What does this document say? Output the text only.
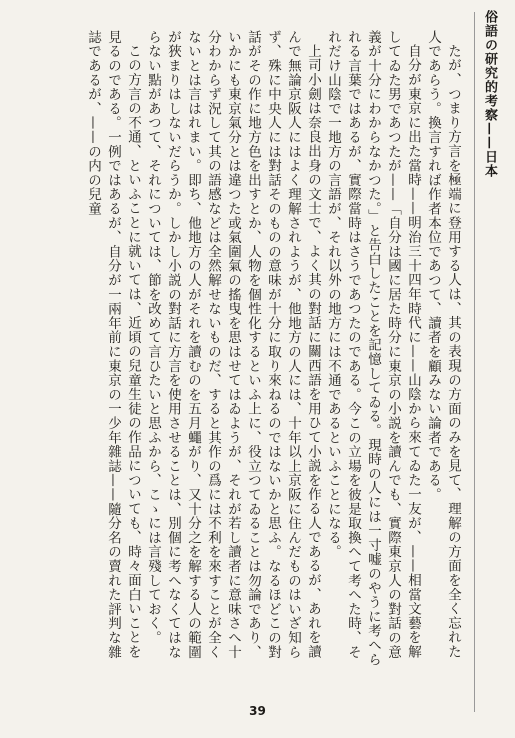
俗語の研究的考察——日本

たが、つまり方言を極端に登用する人は、其の表現の方面のみを見て、理解の方面を全く忘れた人であらう。換言すれば作者本位であつて、讀者を顧みない論者である。

自分が東京に出た當時——明治三十四年時代に——山陰から來てゐた一友が、——相當文藝を解してゐた男であつたが——「自分は國に居た時分に東京の小説を讀んでも、實際東京人の對話の意義が十分にわからなかつた。」と告白したことを記憶してゐる。現時の人には一寸嘘のやうに考へられる言葉ではあるが、實際當時はさうであつたのである。今この立場を彼是取換へて考へた時、それだけ山陰で一地方の言語が、それ以外の地方には不通であるといふことになる。

上司小劍は奈良出身の文士で、よく其の對話に關西語を用ひて小説を作る人であるが、あれを讀んで無論京阪人にはよく理解されようが、他地方の人には、十年以上京阪に住んだものはいざ知らず、殊に中央人には對話そのものの意味が十分に取り來ねるのではないかと思ふ。なるほどこの對話がその作に地方色を出すとか、人物を個性化するといふ上に、役立つてゐることは勿論であり、いかにも東京氣分とは違つた或氣圍氣の搖曳を思はせてはゐようが、それが若し讀者に意味さへ十分わからず況して其の語感などは全然解せないものだ、すると其作の爲には不利を來すことが全くないとは言はれまい。即ち、他地方の人がそれを讀むのを五月蠅がり、又十分之を解する人の範圍が狹まりはしないだらうか。しかし小説の對話に方言を使用させることは、別個に考へなくてはならない點があつて、それについては、節を改めて言ひたいと思ふから、こゝには言殘しておく。

この方言の不通、といふことに就いては、近頃の兒童生徒の作品についても、時々面白いことを見るのである。一例ではあるが、自分が一兩年前に東京の一少年雜誌——隨分名の賣れた評判な雜誌であるが、——の内の兒童

39
